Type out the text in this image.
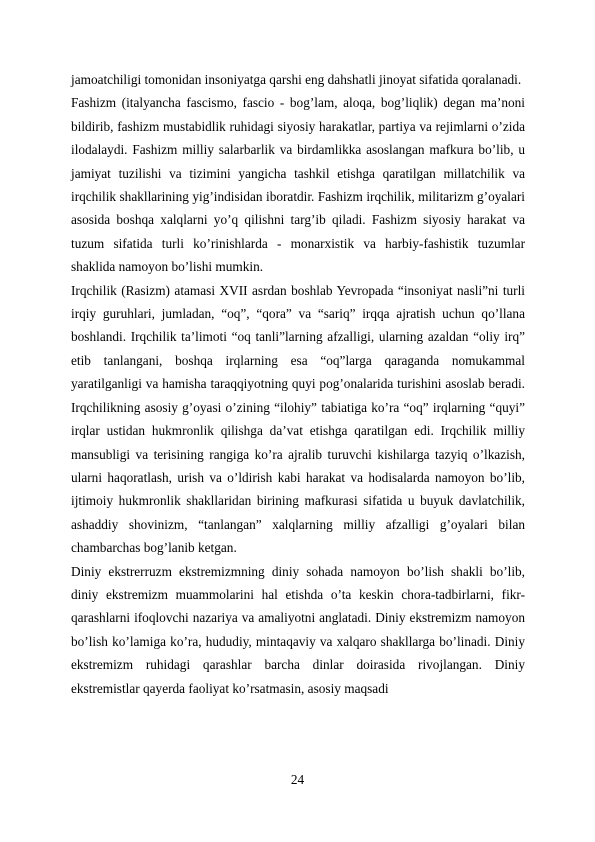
jamoatchiligi tomonidan insoniyatga qarshi eng dahshatli jinoyat sifatida qoralanadi.

Fashizm (italyancha fascismo, fascio - bog’lam, aloqa, bog’liqlik) degan ma’noni bildirib, fashizm mustabidlik ruhidagi siyosiy harakatlar, partiya va rejimlarni o’zida ilodalaydi. Fashizm milliy salarbarlik va birdamlikka asoslangan mafkura bo’lib, u jamiyat tuzilishi va tizimini yangicha tashkil etishga qaratilgan millatchilik va irqchilik shakllarining yig’indisidan iboratdir. Fashizm irqchilik, militarizm g’oyalari asosida boshqa xalqlarni yo’q qilishni targ’ib qiladi. Fashizm siyosiy harakat va tuzum sifatida turli ko’rinishlarda - monarxistik va harbiy-fashistik tuzumlar shaklida namoyon bo’lishi mumkin.

Irqchilik (Rasizm) atamasi XVII asrdan boshlab Yevropada “insoniyat nasli”ni turli irqiy guruhlari, jumladan, “oq”, “qora” va “sariq” irqqa ajratish uchun qo’llana boshlandi. Irqchilik ta’limoti “oq tanli”larning afzalligi, ularning azaldan “oliy irq” etib tanlangani, boshqa irqlarning esa “oq”larga qaraganda nomukammal yaratilganligi va hamisha taraqqiyotning quyi pog’onalarida turishini asoslab beradi. Irqchilikning asosiy g’oyasi o’zining “ilohiy” tabiatiga ko’ra “oq” irqlarning “quyi” irqlar ustidan hukmronlik qilishga da’vat etishga qaratilgan edi. Irqchilik milliy mansubligi va terisining rangiga ko’ra ajralib turuvchi kishilarga tazyiq o’lkazish, ularni haqoratlash, urish va o’ldirish kabi harakat va hodisalarda namoyon bo’lib, ijtimoiy hukmronlik shakllaridan birining mafkurasi sifatida u buyuk davlatchilik, ashaddiy shovinizm, “tanlangan” xalqlarning milliy afzalligi g’oyalari bilan chambarchas bog’lanib ketgan.

Diniy ekstrerruzm ekstremizmning diniy sohada namoyon bo’lish shakli bo’lib, diniy ekstremizm muammolarini hal etishda o’ta keskin chora-tadbirlarni, fikr-qarashlarni ifoqlovchi nazariya va amaliyotni anglatadi. Diniy ekstremizm namoyon bo’lish ko’lamiga ko’ra, hududiy, mintaqaviy va xalqaro shakllarga bo’linadi. Diniy ekstremizm ruhidagi qarashlar barcha dinlar doirasida rivojlangan. Diniy ekstremistlar qayerda faoliyat ko’rsatmasin, asosiy maqsadi

24
